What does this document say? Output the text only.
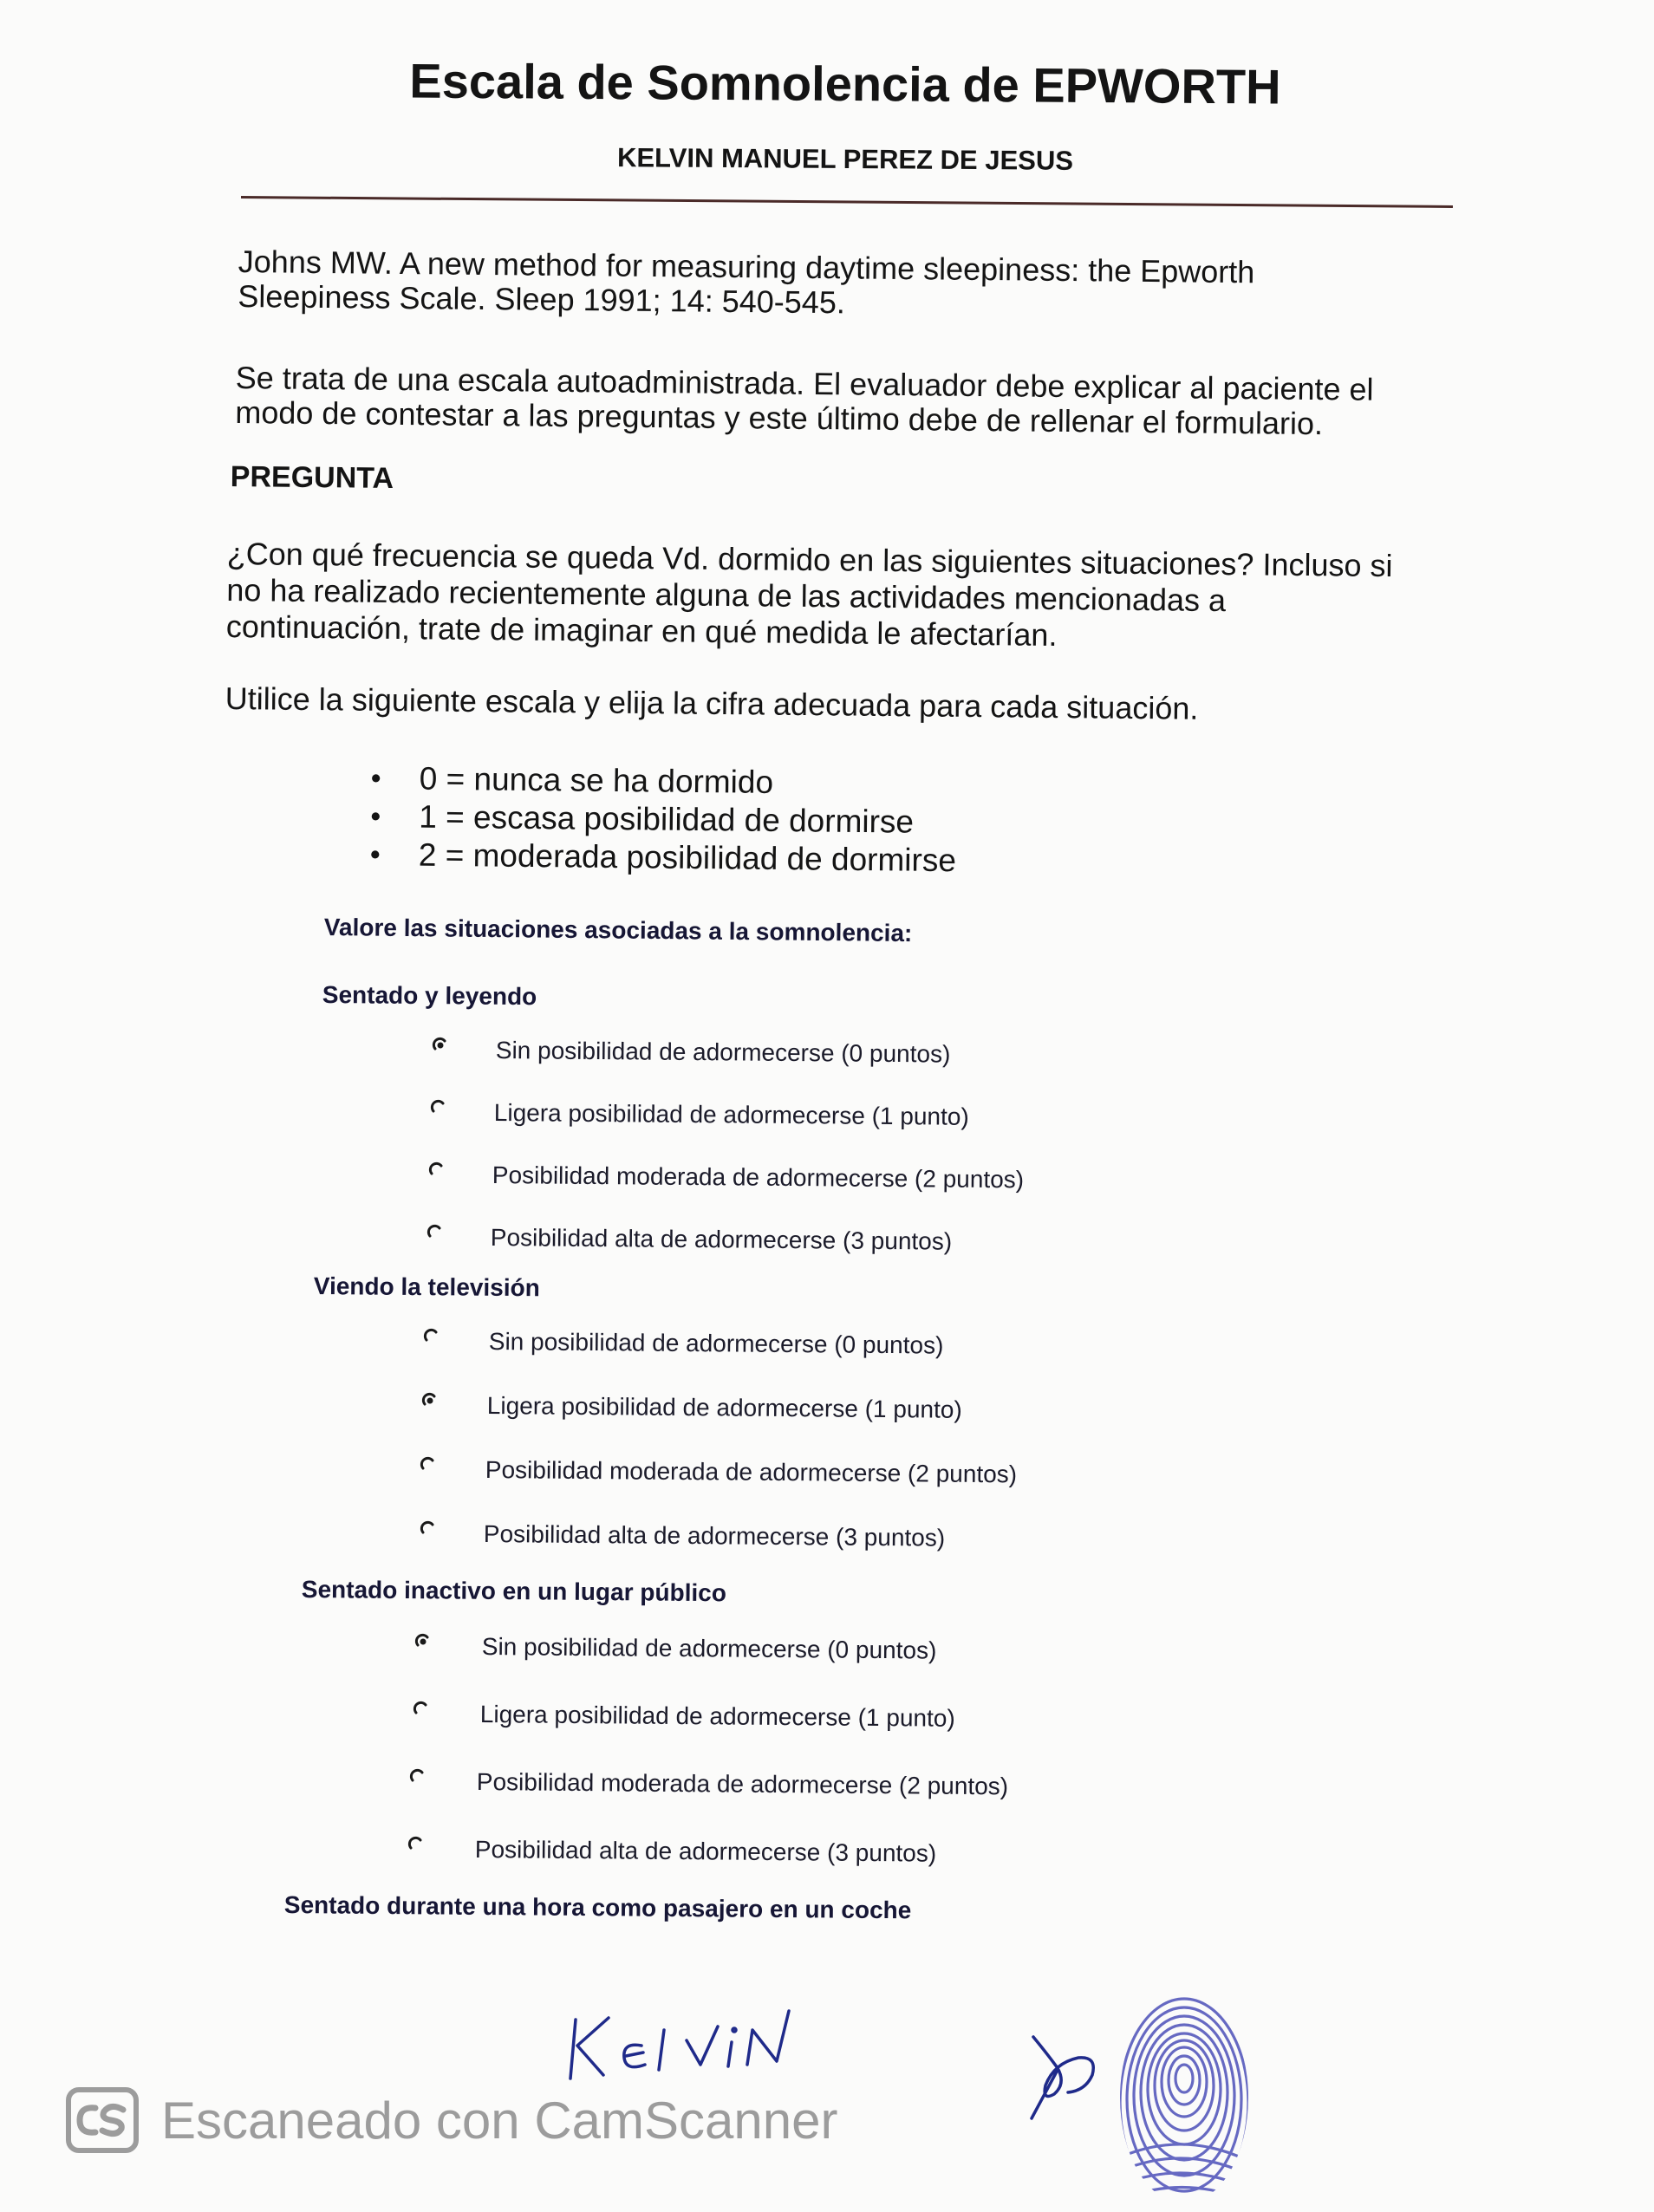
Escala de Somnolencia de EPWORTH
KELVIN MANUEL PEREZ DE JESUS
Johns MW. A new method for measuring daytime sleepiness: the Epworth
Sleepiness Scale. Sleep 1991; 14: 540-545.
Se trata de una escala autoadministrada. El evaluador debe explicar al paciente el
modo de contestar a las preguntas y este último debe de rellenar el formulario.
PREGUNTA
¿Con qué frecuencia se queda Vd. dormido en las siguientes situaciones? Incluso si
no ha realizado recientemente alguna de las actividades mencionadas a
continuación, trate de imaginar en qué medida le afectarían.
Utilice la siguiente escala y elija la cifra adecuada para cada situación.
• 0 = nunca se ha dormido
• 1 = escasa posibilidad de dormirse
• 2 = moderada posibilidad de dormirse
Valore las situaciones asociadas a la somnolencia:
Sentado y leyendo
Sin posibilidad de adormecerse (0 puntos)
Ligera posibilidad de adormecerse (1 punto)
Posibilidad moderada de adormecerse (2 puntos)
Posibilidad alta de adormecerse (3 puntos)
Viendo la televisión
Sin posibilidad de adormecerse (0 puntos)
Ligera posibilidad de adormecerse (1 punto)
Posibilidad moderada de adormecerse (2 puntos)
Posibilidad alta de adormecerse (3 puntos)
Sentado inactivo en un lugar público
Sin posibilidad de adormecerse (0 puntos)
Ligera posibilidad de adormecerse (1 punto)
Posibilidad moderada de adormecerse (2 puntos)
Posibilidad alta de adormecerse (3 puntos)
Sentado durante una hora como pasajero en un coche
Escaneado con CamScanner
